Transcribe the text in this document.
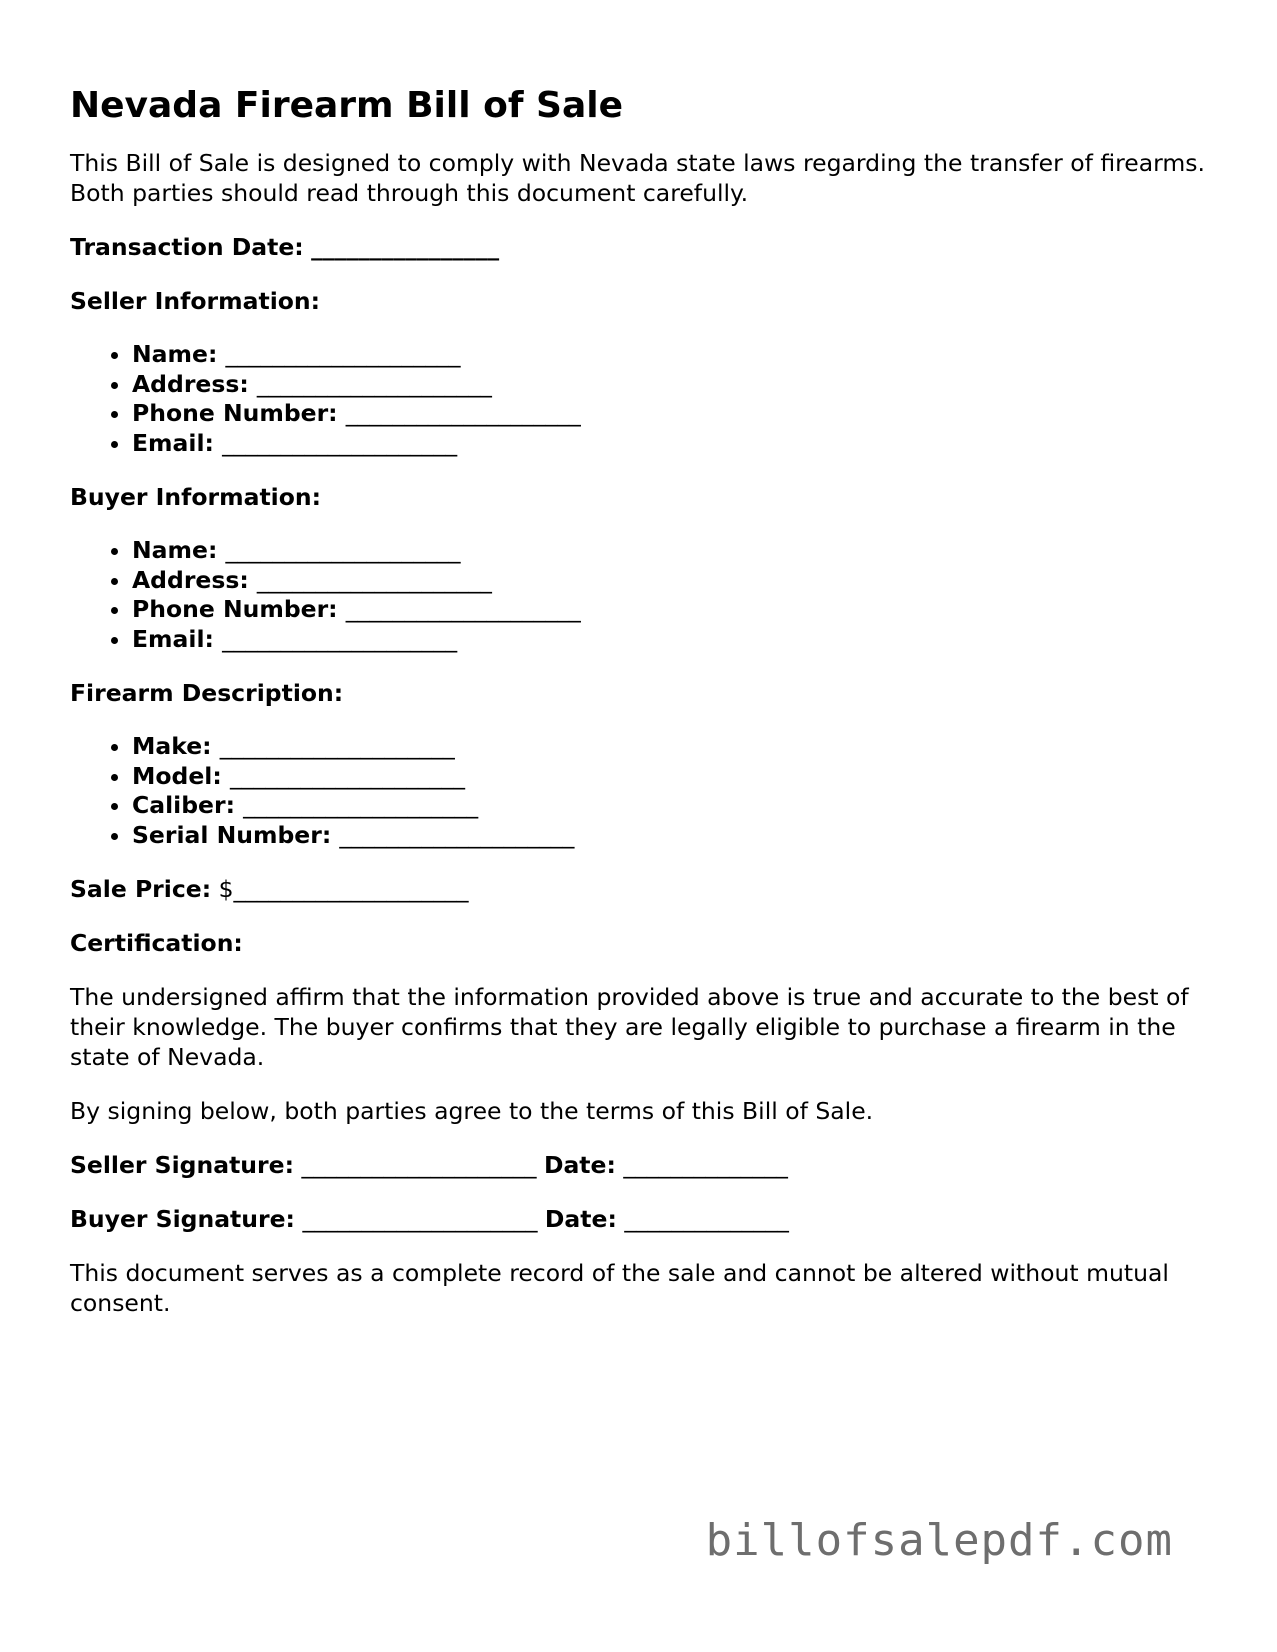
Nevada Firearm Bill of Sale

This Bill of Sale is designed to comply with Nevada state laws regarding the transfer of firearms. Both parties should read through this document carefully.

Transaction Date: ________________

Seller Information:

• Name: ____________________
• Address: ____________________
• Phone Number: ____________________
• Email: ____________________

Buyer Information:

• Name: ____________________
• Address: ____________________
• Phone Number: ____________________
• Email: ____________________

Firearm Description:

• Make: ____________________
• Model: ____________________
• Caliber: ____________________
• Serial Number: ____________________

Sale Price: $____________________

Certification:

The undersigned affirm that the information provided above is true and accurate to the best of their knowledge. The buyer confirms that they are legally eligible to purchase a firearm in the state of Nevada.

By signing below, both parties agree to the terms of this Bill of Sale.

Seller Signature: ____________________ Date: ______________

Buyer Signature: ____________________ Date: ______________

This document serves as a complete record of the sale and cannot be altered without mutual consent.

billofsalepdf.com
